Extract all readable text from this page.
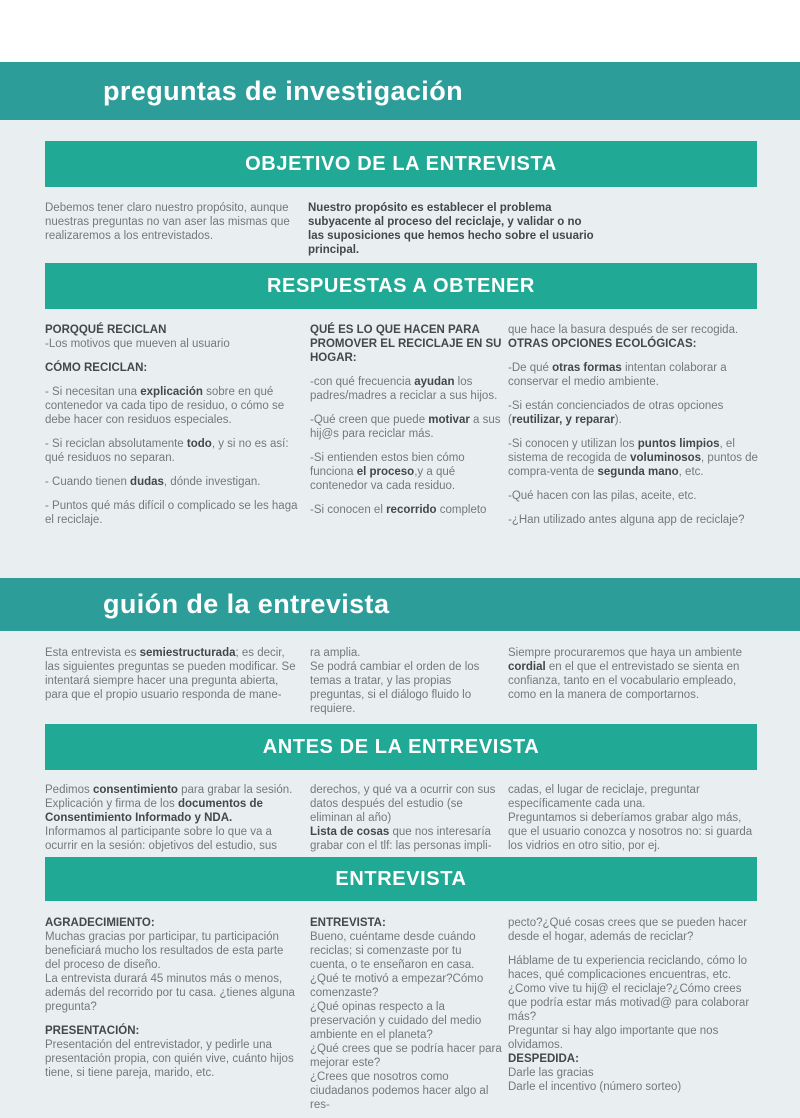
preguntas de investigación
OBJETIVO DE LA ENTREVISTA

Debemos tener claro nuestro propósito, aunque nuestras preguntas no van aser las mismas que realizaremos a los entrevistados.

Nuestro propósito es establecer el problema subyacente al proceso del reciclaje, y validar o no las suposiciones que hemos hecho sobre el usuario principal.

RESPUESTAS A OBTENER

PORQQUÉ RECICLAN

-Los motivos que mueven al usuario

CÓMO RECICLAN:

- Si necesitan una explicación sobre en qué contenedor va cada tipo de residuo, o cómo se debe hacer con residuos especiales.

- Si reciclan absolutamente todo, y si no es así: qué residuos no separan.

- Cuando tienen dudas, dónde investigan.

- Puntos qué más difícil o complicado se les haga el reciclaje.

QUÉ ES LO QUE HACEN PARA PROMOVER EL RECICLAJE EN SU HOGAR:

-con qué frecuencia ayudan los padres/madres a reciclar a sus hijos.

-Qué creen que puede motivar a sus hij@s para reciclar más.

-Si entienden estos bien cómo funciona el proceso,y a qué contenedor va cada residuo.

-Si conocen el recorrido completo

que hace la basura después de ser recogida.

OTRAS OPCIONES ECOLÓGICAS:

-De qué otras formas intentan colaborar a conservar el medio ambiente.

-Si están concienciados de otras opciones (reutilizar, y reparar).

-Si conocen y utilizan los puntos limpios, el sistema de recogida de voluminosos, puntos de compra-venta de segunda mano, etc.

-Qué hacen con las pilas, aceite, etc.

-¿Han utilizado antes alguna app de reciclaje?

guión de la entrevista

Esta entrevista es semiestructurada; es decir, las siguientes preguntas se pueden modificar. Se intentará siempre hacer una pregunta abierta, para que el propio usuario responda de mane-

ra amplia.

Se podrá cambiar el orden de los temas a tratar, y las propias preguntas, si el diálogo fluido lo requiere.

Siempre procuraremos que haya un ambiente cordial en el que el entrevistado se sienta en confianza, tanto en el vocabulario empleado, como en la manera de comportarnos.

ANTES DE LA ENTREVISTA

Pedimos consentimiento para grabar la sesión. Explicación y firma de los documentos de Consentimiento Informado y NDA.

Informamos al participante sobre lo que va a ocurrir en la sesión: objetivos del estudio, sus

derechos, y qué va a ocurrir con sus datos después del estudio (se eliminan al año)

Lista de cosas que nos interesaría grabar con el tlf: las personas impli-

cadas, el lugar de reciclaje, preguntar específicamente cada una.

Preguntamos si deberíamos grabar algo más, que el usuario conozca y nosotros no: si guarda los vidrios en otro sitio, por ej.

ENTREVISTA

AGRADECIMIENTO:

Muchas gracias por participar, tu participación beneficiará mucho los resultados de esta parte del proceso de diseño.

La entrevista durará 45 minutos más o menos, además del recorrido por tu casa. ¿tienes alguna pregunta?

PRESENTACIÓN:

Presentación del entrevistador, y pedirle una presentación propia, con quién vive, cuánto hijos tiene, si tiene pareja, marido, etc.

ENTREVISTA:

Bueno, cuéntame desde cuándo reciclas; si comenzaste por tu cuenta, o te enseñaron en casa.

¿Qué te motivó a empezar?Cómo comenzaste?

¿Qué opinas respecto a la preservación y cuidado del medio ambiente en el planeta?

¿Qué crees que se podría hacer para mejorar este?

¿Crees que nosotros como ciudadanos podemos hacer algo al res-

pecto?¿Qué cosas crees que se pueden hacer desde el hogar, además de reciclar?

Háblame de tu experiencia reciclando, cómo lo haces, qué complicaciones encuentras, etc.

¿Como vive tu hij@ el reciclaje?¿Cómo crees que podría estar más motivad@ para colaborar más?

Preguntar si hay algo importante que nos olvidamos.

DESPEDIDA:

Darle las gracias

Darle el incentivo (número sorteo)
